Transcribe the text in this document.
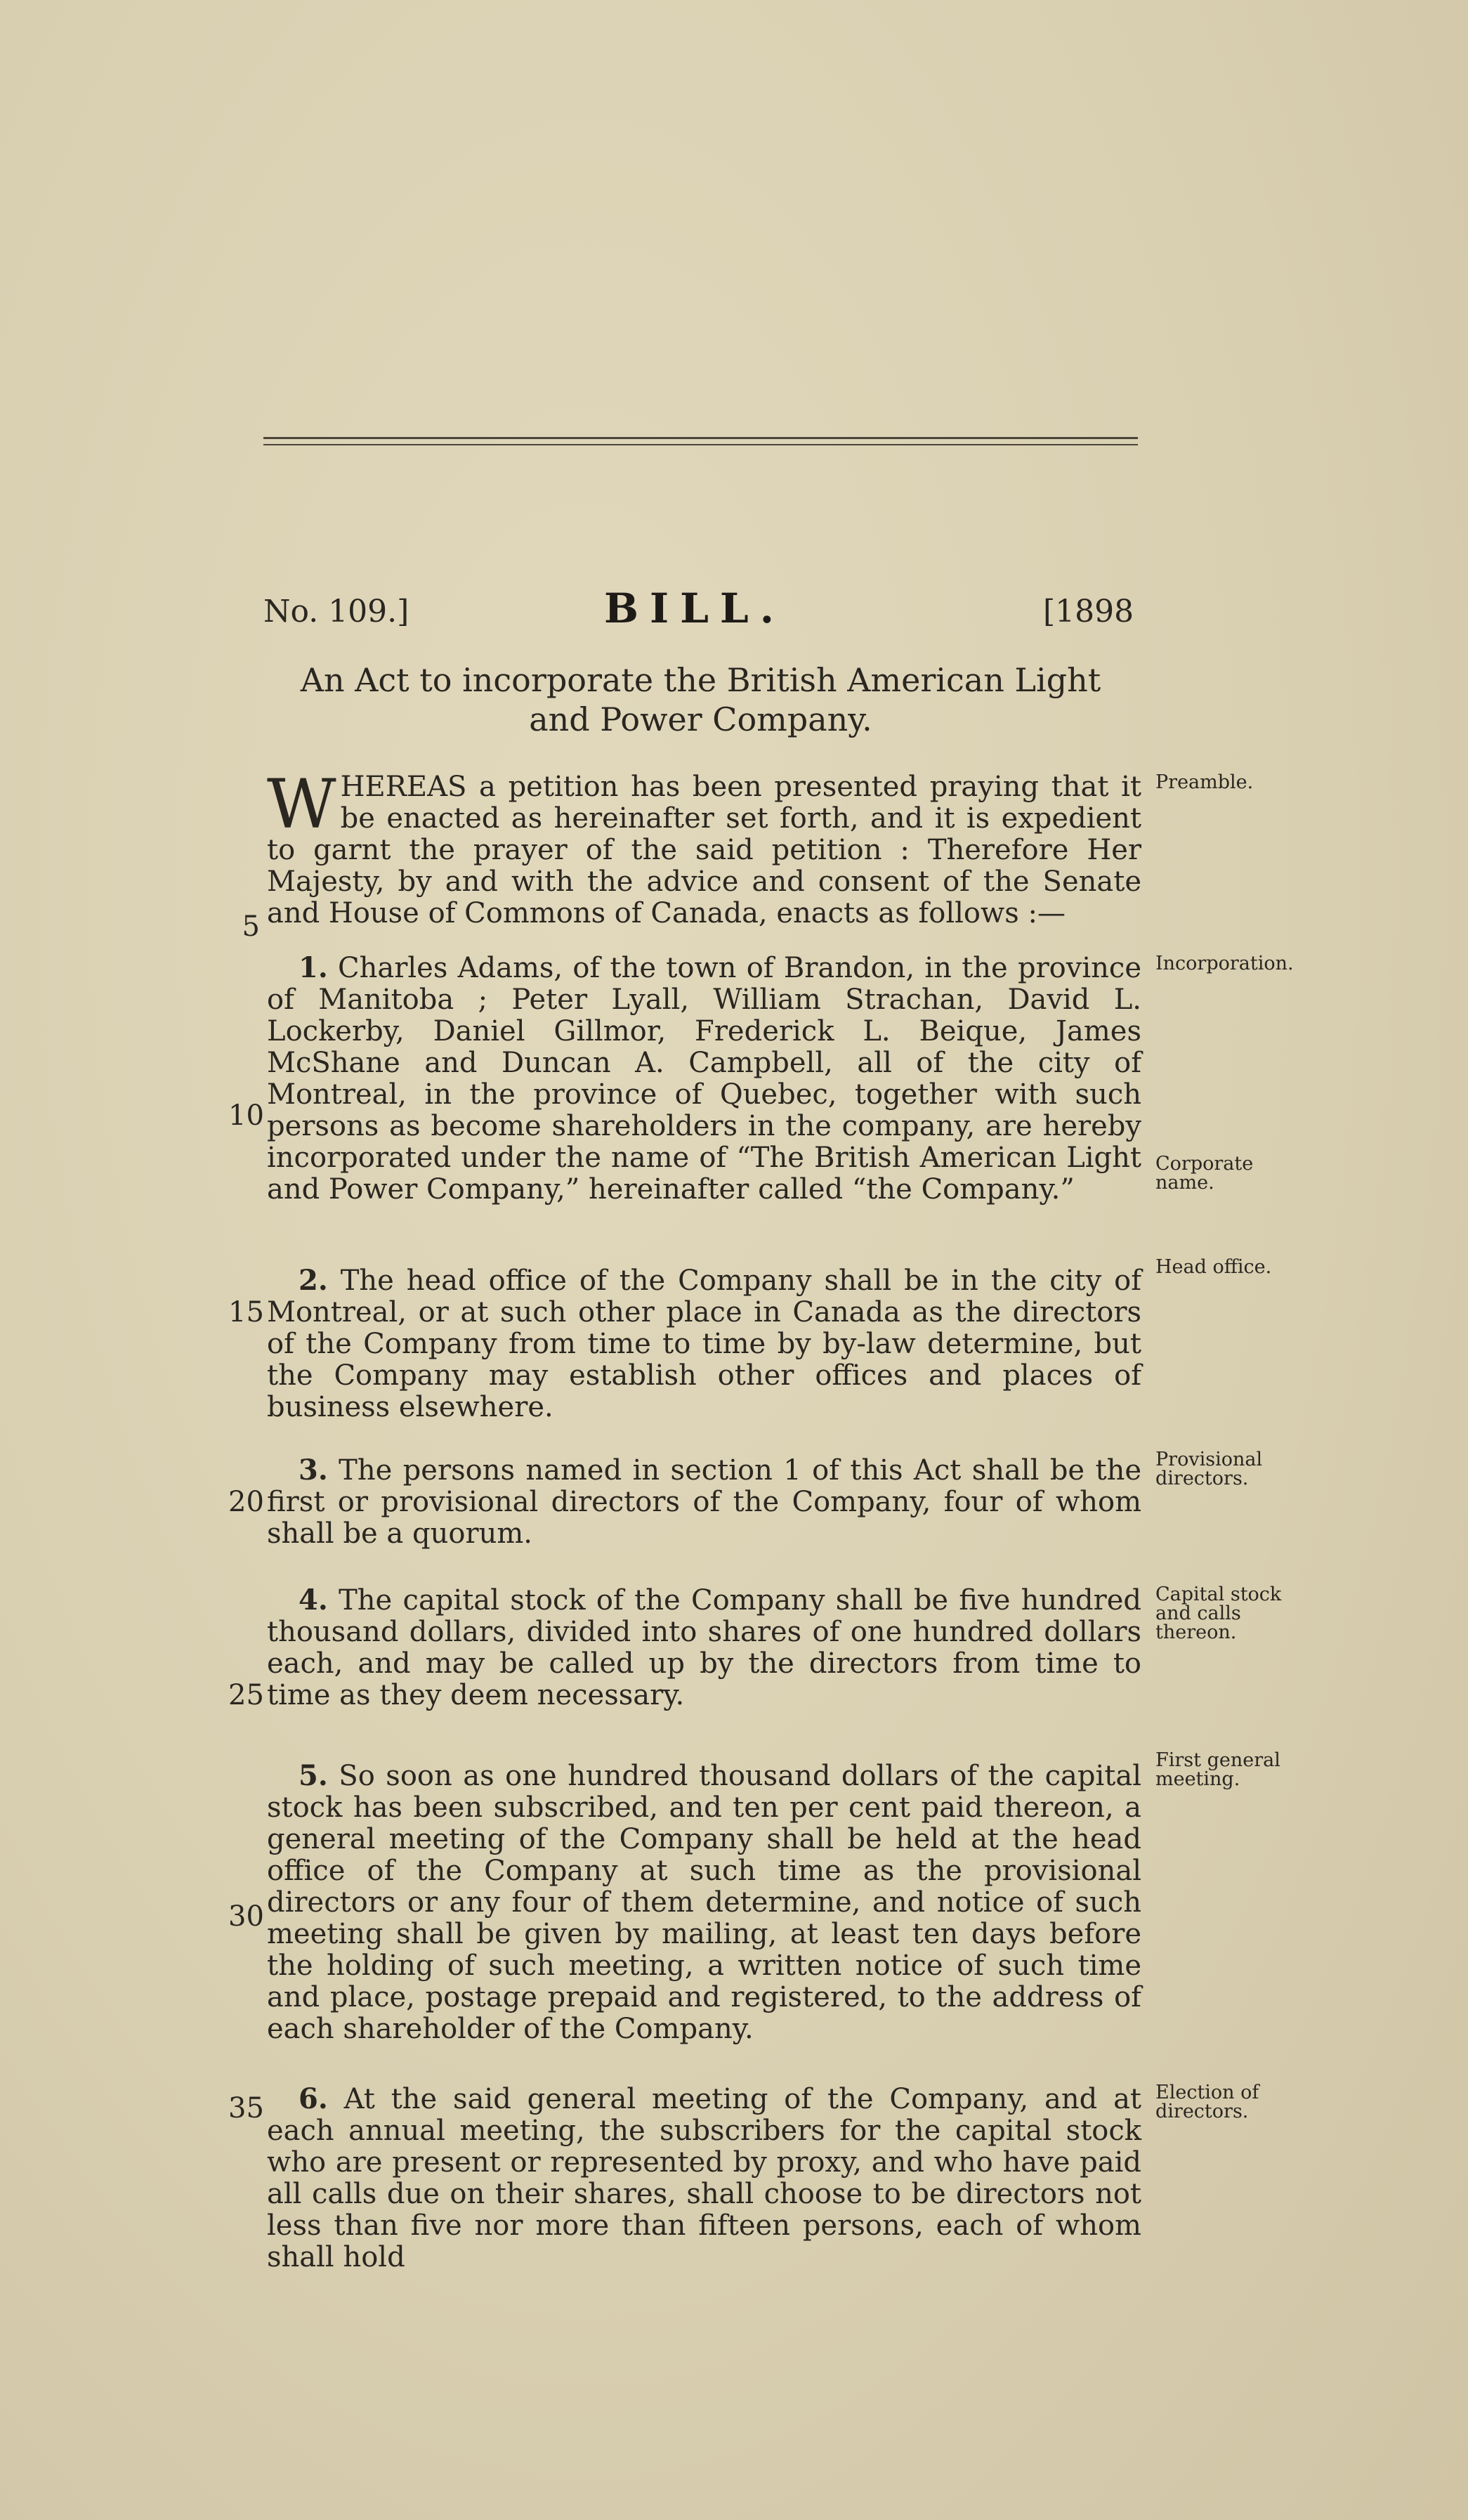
No. 109.]	BILL.	[1898
An Act to incorporate the British American Light
and Power Company.

WHEREAS a petition has been presented praying that it be enacted as hereinafter set forth, and it is expedient to garnt the prayer of the said petition : Therefore Her Majesty, by and with the advice and consent of the Senate and House of Commons of Canada, enacts as follows :—

1. Charles Adams, of the town of Brandon, in the province of Manitoba ; Peter Lyall, William Strachan, David L. Lockerby, Daniel Gillmor, Frederick L. Beique, James McShane and Duncan A. Campbell, all of the city of Montreal, in the province of Quebec, together with such persons as become shareholders in the company, are hereby incorporated under the name of “The British American Light and Power Company,” hereinafter called “the Company.”

2. The head office of the Company shall be in the city of Montreal, or at such other place in Canada as the directors of the Company from time to time by by-law determine, but the Company may establish other offices and places of business elsewhere.

3. The persons named in section 1 of this Act shall be the first or provisional directors of the Company, four of whom shall be a quorum.

4. The capital stock of the Company shall be five hundred thousand dollars, divided into shares of one hundred dollars each, and may be called up by the directors from time to time as they deem necessary.

5. So soon as one hundred thousand dollars of the capital stock has been subscribed, and ten per cent paid thereon, a general meeting of the Company shall be held at the head office of the Company at such time as the provisional directors or any four of them determine, and notice of such meeting shall be given by mailing, at least ten days before the holding of such meeting, a written notice of such time and place, postage prepaid and registered, to the address of each shareholder of the Company.

6. At the said general meeting of the Company, and at each annual meeting, the subscribers for the capital stock who are present or represented by proxy, and who have paid all calls due on their shares, shall choose to be directors not less than five nor more than fifteen persons, each of whom shall hold

5
10
15
20
25
30
35
Preamble.
Incorporation.
Corporate name.
Head office.
Provisional directors.
Capital stock and calls thereon.
First general meeting.
Election of directors.
